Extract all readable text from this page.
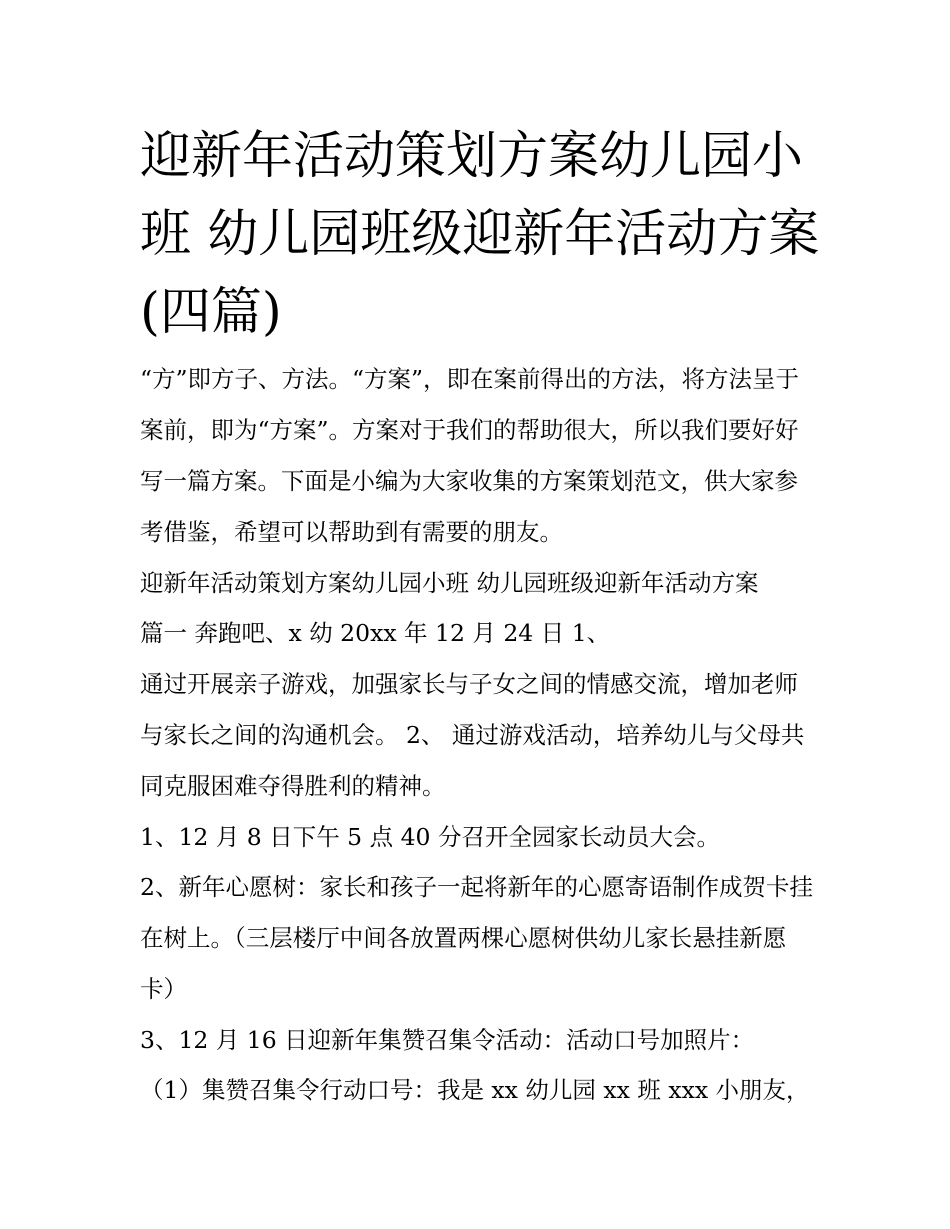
迎新年活动策划方案幼儿园小班 幼儿园班级迎新年活动方案(四篇)

“方”即方子、方法。“方案”，即在案前得出的方法，将方法呈于案前，即为“方案”。方案对于我们的帮助很大，所以我们要好好写一篇方案。下面是小编为大家收集的方案策划范文，供大家参考借鉴，希望可以帮助到有需要的朋友。

迎新年活动策划方案幼儿园小班 幼儿园班级迎新年活动方案

篇一 奔跑吧、x 幼 20xx 年 12 月 24 日 1、

通过开展亲子游戏，加强家长与子女之间的情感交流，增加老师与家长之间的沟通机会。 2、 通过游戏活动，培养幼儿与父母共同克服困难夺得胜利的精神。

1、12 月 8 日下午 5 点 40 分召开全园家长动员大会。

2、新年心愿树：家长和孩子一起将新年的心愿寄语制作成贺卡挂在树上。（三层楼厅中间各放置两棵心愿树供幼儿家长悬挂新愿卡）

3、12 月 16 日迎新年集赞召集令活动：活动口号加照片：

（1）集赞召集令行动口号：我是 xx 幼儿园 xx 班 xxx 小朋友，
